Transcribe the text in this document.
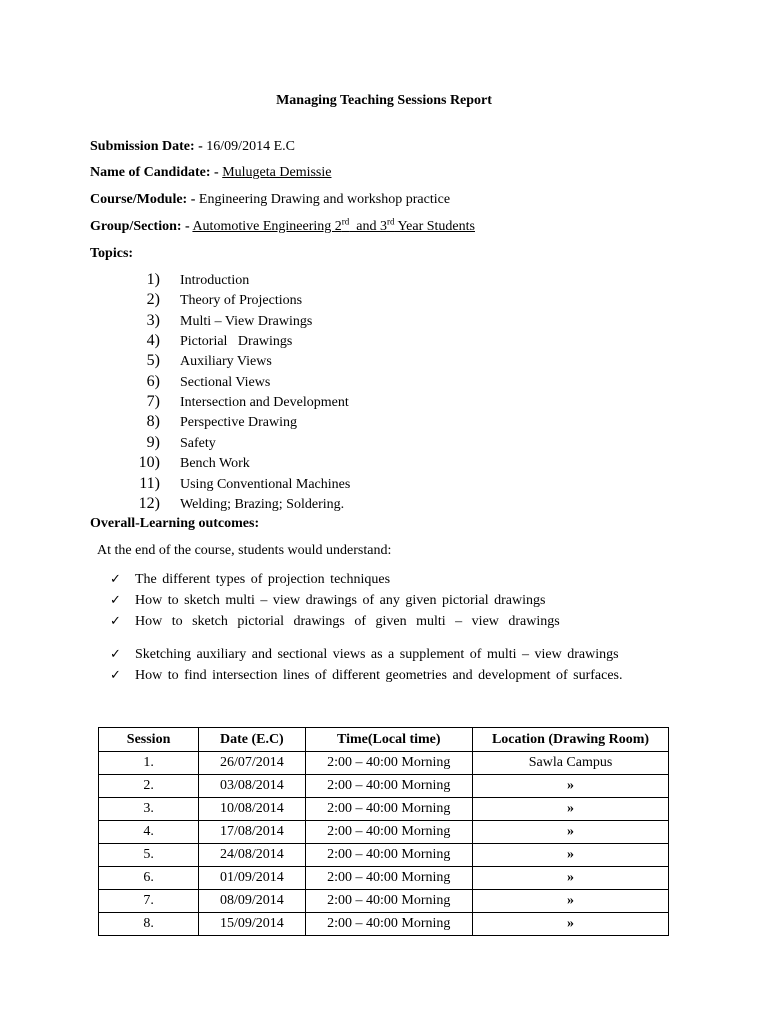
Managing Teaching Sessions Report
Submission Date: - 16/09/2014 E.C
Name of Candidate: - Mulugeta Demissie
Course/Module: - Engineering Drawing and workshop practice
Group/Section: - Automotive Engineering 2rd  and 3rd Year Students
Topics:
1) Introduction
2) Theory of Projections
3) Multi – View Drawings
4) Pictorial   Drawings
5) Auxiliary Views
6) Sectional Views
7) Intersection and Development
8) Perspective Drawing
9) Safety
10) Bench Work
11) Using Conventional Machines
12) Welding; Brazing; Soldering.
Overall-Learning outcomes:
At the end of the course, students would understand:
✓ The different types of projection techniques
✓ How to sketch multi – view drawings of any given pictorial drawings
✓ How to sketch pictorial drawings of given multi – view drawings
✓ Sketching auxiliary and sectional views as a supplement of multi – view drawings
✓ How to find intersection lines of different geometries and development of surfaces.
Session	Date (E.C)	Time(Local time)	Location (Drawing Room)
1.	26/07/2014	2:00 – 40:00 Morning	Sawla Campus
2.	03/08/2014	2:00 – 40:00 Morning	»
3.	10/08/2014	2:00 – 40:00 Morning	»
4.	17/08/2014	2:00 – 40:00 Morning	»
5.	24/08/2014	2:00 – 40:00 Morning	»
6.	01/09/2014	2:00 – 40:00 Morning	»
7.	08/09/2014	2:00 – 40:00 Morning	»
8.	15/09/2014	2:00 – 40:00 Morning	»
